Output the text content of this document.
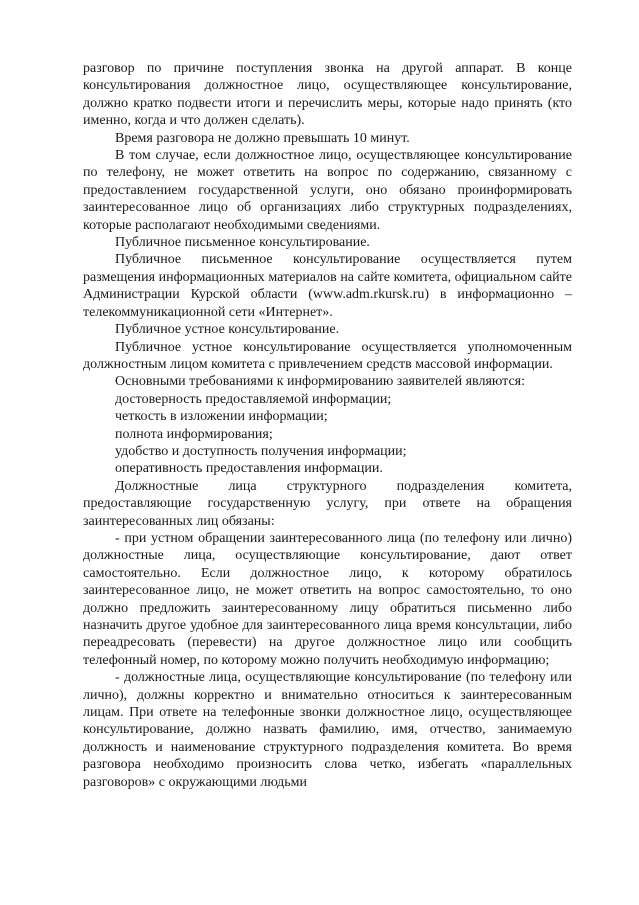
разговор по причине поступления звонка на другой аппарат. В конце консультирования должностное лицо, осуществляющее консультирование, должно кратко подвести итоги и перечислить меры, которые надо принять (кто именно, когда и что должен сделать).

Время разговора не должно превышать 10 минут.

В том случае, если должностное лицо, осуществляющее консультирование по телефону, не может ответить на вопрос по содержанию, связанному с предоставлением государственной услуги, оно обязано проинформировать заинтересованное лицо об организациях либо структурных подразделениях, которые располагают необходимыми сведениями.

Публичное письменное консультирование.

Публичное письменное консультирование осуществляется путем размещения информационных материалов на сайте комитета, официальном сайте Администрации Курской области (www.adm.rkursk.ru) в информационно – телекоммуникационной сети «Интернет».

Публичное устное консультирование.

Публичное устное консультирование осуществляется уполномоченным должностным лицом комитета с привлечением средств массовой информации.

Основными требованиями к информированию заявителей являются:

достоверность предоставляемой информации;

четкость в изложении информации;

полнота информирования;

удобство и доступность получения информации;

оперативность предоставления информации.

Должностные лица структурного подразделения комитета, предоставляющие государственную услугу, при ответе на обращения заинтересованных лиц обязаны:

- при устном обращении заинтересованного лица (по телефону или лично) должностные лица, осуществляющие консультирование, дают ответ самостоятельно. Если должностное лицо, к которому обратилось заинтересованное лицо, не может ответить на вопрос самостоятельно, то оно должно предложить заинтересованному лицу обратиться письменно либо назначить другое удобное для заинтересованного лица время консультации, либо переадресовать (перевести) на другое должностное лицо или сообщить телефонный номер, по которому можно получить необходимую информацию;

- должностные лица, осуществляющие консультирование (по телефону или лично), должны корректно и внимательно относиться к заинтересованным лицам. При ответе на телефонные звонки должностное лицо, осуществляющее консультирование, должно назвать фамилию, имя, отчество, занимаемую должность и наименование структурного подразделения комитета. Во время разговора необходимо произносить слова четко, избегать «параллельных разговоров» с окружающими людьми
